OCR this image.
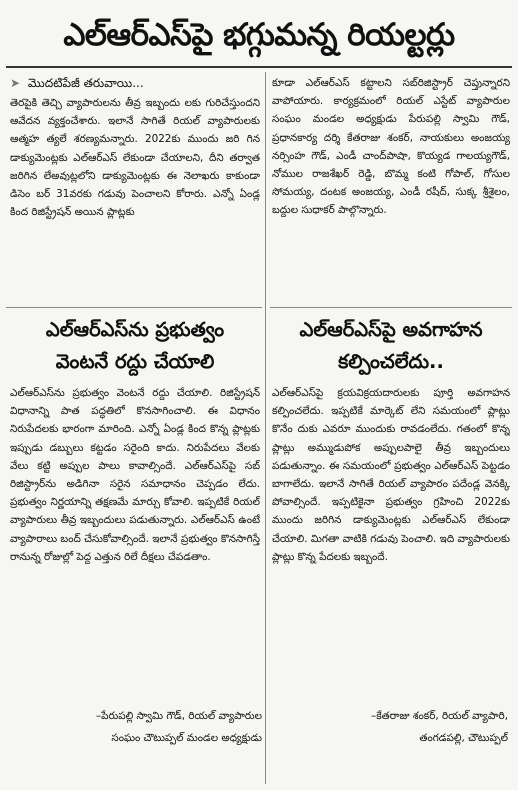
ఎల్‌ఆర్‌ఎస్‌పై భగ్గుమన్న రియల్టర్లు
➤ మొదటిపేజీ తరువాయి...

తెరపైకి తెచ్చి వ్యాపారులను తీవ్ర ఇబ్బందు లకు గురిచేస్తుందని ఆవేదన వ్యక్తంచేశారు. ఇలానే సాగితే రియల్ వ్యాపారులకు ఆత్మహ త్యలే శరణ్యమన్నారు. 2022కు ముందు జరి గిన డాక్యుమెంట్లకు ఎల్‌ఆర్‌ఎస్ లేకుండా చేయాలని, దీని తర్వాత జరిగిన లేఅవుట్లలోని డాక్యుమెంట్లకు ఈ నెలాఖరు కాకుండా డిసెం బర్ 31వరకు గడువు పెంచాలని కోరారు. ఎన్నో ఏండ్ల కింద రిజిస్ట్రేషన్ అయిన ప్లాట్లకు

కూడా ఎల్‌ఆర్‌ఎస్ కట్టాలని సబ్‌రిజిస్ట్రార్ చెప్తున్నారని వాపోయారు. కార్యక్రమంలో రియల్ ఎస్టేట్ వ్యాపారుల సంఘం మండల అధ్యక్షుడు పేరుపల్లి స్వామి గౌడ్, ప్రధానకార్య దర్శి కేతరాజు శంకర్, నాయకులు అంజయ్య నర్సింహ గౌడ్, ఎండీ చాంద్‌పాషా, కొయ్యడ గాలయ్యగౌడ్, నోముల రాజశేఖర్ రెడ్డి, బొమ్మ కంటి గోపాల్, గోసుల సోమయ్య, దంటక అంజయ్య, ఎండీ రషీద్, సుక్క శ్రీశైలం, బద్దుల సుధాకర్ పాల్గొన్నారు.

ఎల్‌ఆర్‌ఎస్‌ను ప్రభుత్వం
వెంటనే రద్దు చేయాలి

ఎల్‌ఆర్‌ఎస్‌ను ప్రభుత్వం వెంటనే రద్దు చేయాలి. రిజిస్ట్రేషన్ విధానాన్ని పాత పద్ధతిలో కొనసాగించాలి. ఈ విధానం నిరుపేదలకు భారంగా మారింది. ఎన్నో ఏండ్ల కింద కొన్న ప్లాట్లకు ఇప్పుడు డబ్బులు కట్టడం సరైంది కాదు. నిరుపేదలు వేలకు వేలు కట్టి అప్పుల పాలు కావాల్సిందే. ఎల్‌ఆర్‌ఎస్‌పై సబ్ రిజిస్ట్రార్‌ను అడిగినా సరైన సమాధానం చెప్పడం లేదు. ప్రభుత్వం నిర్ణయాన్ని తక్షణమే మార్చు కోవాలి. ఇప్పటికే రియల్ వ్యాపారులు తీవ్ర ఇబ్బందులు పడుతున్నారు. ఎల్‌ఆర్‌ఎస్ ఉంటే వ్యాపారాలు బంద్ చేసుకోవాల్సిందే. ఇలానే ప్రభుత్వం కొనసాగిస్తే రానున్న రోజుల్లో పెద్ద ఎత్తున రిలే దీక్షలు చేపడతాం.

–పేరుపల్లి స్వామి గౌడ్, రియల్ వ్యాపారుల
సంఘం చౌటుప్పల్ మండల అధ్యక్షుడు
ఎల్‌ఆర్‌ఎస్‌పై అవగాహన
కల్పించలేదు..

ఎల్‌ఆర్‌ఎస్‌పై క్రయవిక్రయదారులకు పూర్తి అవగాహన కల్పించలేదు. ఇప్పటికే మార్కెట్ లేని సమయంలో ప్లాట్లు కొనేం దుకు ఎవరూ ముందుకు రావడంలేదు. గతంలో కొన్న ప్లాట్లు అమ్ముడుపోక అప్పులపాలై తీవ్ర ఇబ్బందులు పడుతున్నాం. ఈ సమయంలో ప్రభుత్వం ఎల్‌ఆర్‌ఎస్ పెట్టడం బాగాలేదు. ఇలానే సాగితే రియల్ వ్యాపారం పదేండ్ల వెనక్కి పోవాల్సిందే. ఇప్పటికైనా ప్రభుత్వం గ్రహించి 2022కు ముందు జరిగిన డాక్యుమెంట్లకు ఎల్‌ఆర్‌ఎస్ లేకుండా చేయాలి. మిగతా వాటికి గడువు పెంచాలి. ఇది వ్యాపారులకు ప్లాట్లు కొన్న పేదలకు ఇబ్బందే.

–కేతరాజు శంకర్, రియల్ వ్యాపారి,
తంగడపల్లి, చౌటుప్పల్
